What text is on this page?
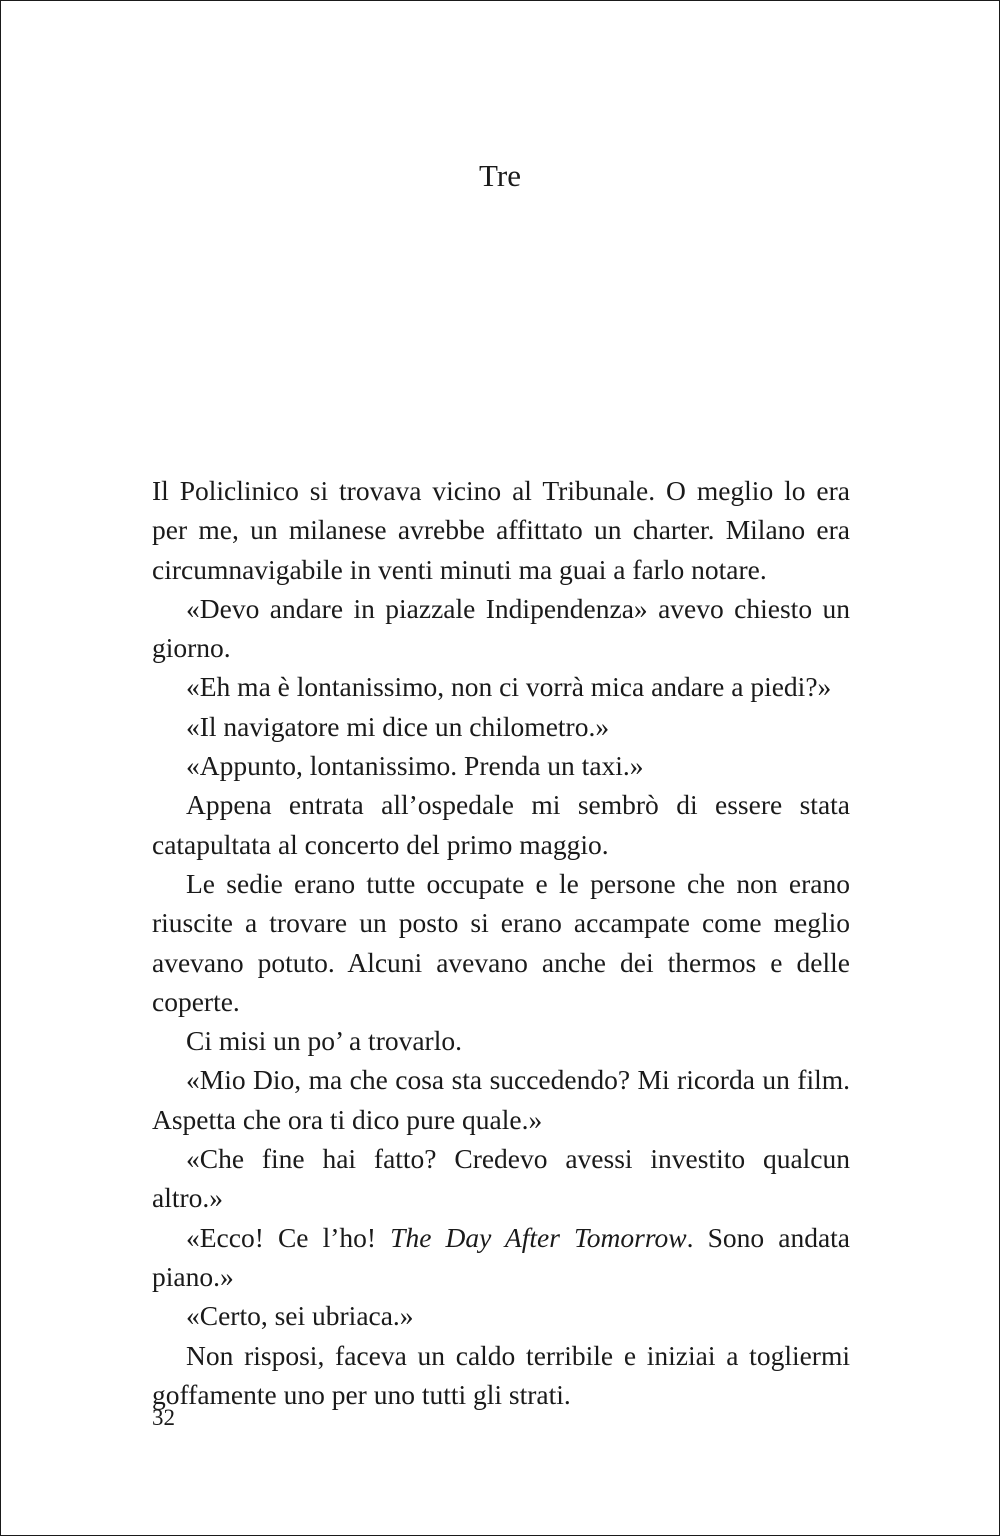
Tre

Il Policlinico si trovava vicino al Tribunale. O meglio lo era per me, un milanese avrebbe affittato un charter. Milano era circumnavigabile in venti minuti ma guai a farlo notare.

«Devo andare in piazzale Indipendenza» avevo chiesto un giorno.

«Eh ma è lontanissimo, non ci vorrà mica andare a piedi?»

«Il navigatore mi dice un chilometro.»

«Appunto, lontanissimo. Prenda un taxi.»

Appena entrata all’ospedale mi sembrò di essere stata catapultata al concerto del primo maggio.

Le sedie erano tutte occupate e le persone che non erano riuscite a trovare un posto si erano accampate come meglio avevano potuto. Alcuni avevano anche dei thermos e delle coperte.

Ci misi un po’ a trovarlo.

«Mio Dio, ma che cosa sta succedendo? Mi ricorda un film. Aspetta che ora ti dico pure quale.»

«Che fine hai fatto? Credevo avessi investito qualcun altro.»

«Ecco! Ce l’ho! The Day After Tomorrow. Sono andata piano.»

«Certo, sei ubriaca.»

Non risposi, faceva un caldo terribile e iniziai a togliermi goffamente uno per uno tutti gli strati.

32
